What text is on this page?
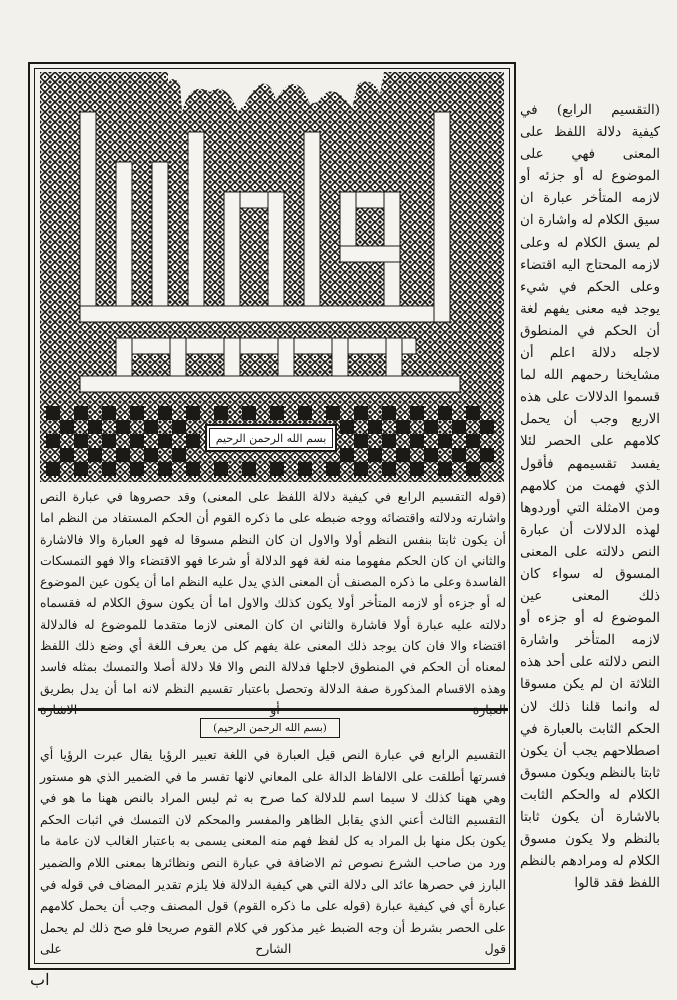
بسم الله الرحمن الرحيم

(التقسيم الرابع) في كيفية دلالة اللفظ على المعنى فهي على الموضوع له أو جزئه أو لازمه المتأخر عبارة ان سيق الكلام له واشارة ان لم يسق الكلام له وعلى لازمه المحتاج اليه اقتضاء وعلى الحكم في شيء يوجد فيه معنى يفهم لغة أن الحكم في المنطوق لاجله دلالة اعلم أن مشايخنا رحمهم الله لما قسموا الدلالات على هذه الاربع وجب أن يحمل كلامهم على الحصر لئلا يفسد تقسيمهم فأقول الذي فهمت من كلامهم ومن الامثلة التي أوردوها لهذه الدلالات أن عبارة النص دلالته على المعنى المسوق له سواء كان ذلك المعنى عين الموضوع له أو جزءه أو لازمه المتأخر واشارة النص دلالته على أحد هذه الثلاثة ان لم يكن مسوقا له وانما قلنا ذلك لان الحكم الثابت بالعبارة في اصطلاحهم يجب أن يكون ثابتا بالنظم ويكون مسوق الكلام له والحكم الثابت بالاشارة أن يكون ثابتا بالنظم ولا يكون مسوق الكلام له ومرادهم بالنظم اللفظ فقد قالوا

(قوله التقسيم الرابع في كيفية دلالة اللفظ على المعنى) وقد حصروها في عبارة النص واشارته ودلالته واقتضائه ووجه ضبطه على ما ذكره القوم أن الحكم المستفاد من النظم اما أن يكون ثابتا بنفس النظم أولا والاول ان كان النظم مسوقا له فهو العبارة والا فالاشارة والثاني ان كان الحكم مفهوما منه لغة فهو الدلالة أو شرعا فهو الاقتضاء والا فهو التمسكات الفاسدة وعلى ما ذكره المصنف أن المعنى الذي يدل عليه النظم اما أن يكون عين الموضوع له أو جزءه أو لازمه المتأخر أولا يكون كذلك والاول اما أن يكون سوق الكلام له فقسماه دلالته عليه عبارة أولا فاشارة والثاني ان كان المعنى لازما متقدما للموضوع له فالدلالة اقتضاء والا فان كان يوجد ذلك المعنى علة يفهم كل من يعرف اللغة أي وضع ذلك اللفظ لمعناه أن الحكم في المنطوق لاجلها فدلالة النص والا فلا دلالة أصلا والتمسك بمثله فاسد وهذه الاقسام المذكورة صفة الدلالة وتحصل باعتبار تقسيم النظم لانه اما أن يدل بطريق

(بسم الله الرحمن الرحيم)

التقسيم الرابع في عبارة النص قيل العبارة في اللغة تعبير الرؤيا يقال عبرت الرؤيا أي فسرتها أطلقت على الالفاظ الدالة على المعاني لانها تفسر ما في الضمير الذي هو مستور وهي ههنا كذلك لا سيما اسم للدلالة كما صرح به ثم ليس المراد بالنص ههنا ما هو في التقسيم الثالث أعني الذي يقابل الظاهر والمفسر والمحكم لان التمسك في اثبات الحكم يكون بكل منها بل المراد به كل لفظ فهم منه المعنى يسمى به باعتبار الغالب لان عامة ما ورد من صاحب الشرع نصوص ثم الاضافة في عبارة النص ونظائرها بمعنى اللام والضمير البارز في حصرها عائد الى دلالة التي هي كيفية الدلالة فلا يلزم تقدير المضاف في قوله في عبارة أي في كيفية عبارة (قوله على ما ذكره القوم) قول المصنف وجب أن يحمل كلامهم على الحصر بشرط أن وجه الضبط غير مذكور في كلام القوم صريحا فلو صح ذلك لم يحمل قول الشارح على

اب
